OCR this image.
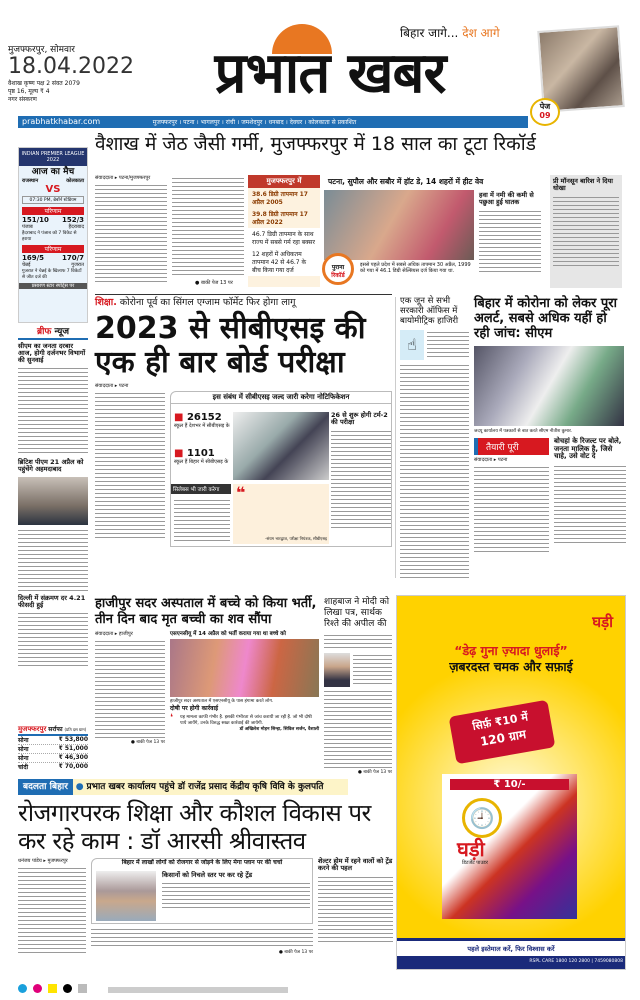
मुजफ्फरपुर, सोमवार
18.04.2022
वैशाख कृष्ण पक्ष 2 संवत 2079
पृष्ठ 16, मूल्य ₹ 4
नगर संस्करण	प्रभात खबर
बिहार जागे... देश आगे
पेज
09
prabhatkhabar.com	मुजफ्फरपुर । पटना । भागलपुर । रांची । जमशेदपुर । धनबाद । देवघर । कोलकाता से प्रकाशित
वैशाख में जेठ जैसी गर्मी, मुजफ्फरपुर में 18 साल का टूटा रिकॉर्ड
संवाददाता ▸ पटना/मुजफ्फरपुर
● बाकी पेज 13 पर
मुजफ्फरपुर में
38.6 डिग्री तापमान 17 अप्रैल 2005
39.8 डिग्री तापमान 17 अप्रैल 2022
46.7 डिग्री तापमान के साथ राज्य में सबसे गर्म रहा बक्सर
12 शहरों में अधिकतम तापमान 42 से 46.7 के बीच किया गया दर्ज
पटना, सुपौल और सबौर में हॉट डे, 14 शहरों में हीट वेव
पुराना
रिकॉर्ड
इससे पहले प्रदेश में सबसे अधिक तापमान 30 अप्रैल, 1999 को गया में 46.1 डिग्री सेल्सियस दर्ज किया गया था.
हवा में नमी की कमी से पछुआ हुई घातक
प्री मॉनसून बारिश ने दिया धोखा
INDIAN PREMIER LEAGUE 2022
आज का मैच
राजस्थान	कोलकाता
VS
07:30 PM, ब्रेबॉर्न स्टेडियम
परिणाम
151/10 152/3
पंजाब	हैदराबाद
हैदराबाद ने पंजाब को 7 विकेट से हराया
परिणाम
169/5	170/7
चेन्नई	गुजरात
गुजरात ने चेन्नई के खिलाफ 7 विकेटों से जीत दर्ज की
प्रसारण स्टार स्पोर्ट्स पर
ब्रीफ न्यूज
सीएम का जनता दरबार आज, होगी दर्जनभर विभागों की सुनवाई
ब्रिटिश पीएम 21 अप्रैल को पहुंचेंगे अहमदाबाद
दिल्ली में संक्रमण दर 4.21 फीसदी हुई
मुजफ्फरपुर सर्राफा (प्रति दस ग्राम)
सोना	₹ 53,800
सोना	₹ 51,000
सोना	₹ 46,300
चांदी	₹ 70,000
शिक्षा. कोरोना पूर्व का सिंगल एग्जाम फॉर्मेट फिर होगा लागू
2023 से सीबीएसइ की एक ही बार बोर्ड परीक्षा
संवाददाता ▸ पटना
इस संबंध में सीबीएसइ जल्द जारी करेगा नोटिफिकेशन
■ 26152
स्कूल हैं देशभर में सीबीएसइ के
■ 1101
स्कूल हैं बिहार में सीबीएसइ के
26 से शुरू होगी टर्म-2 की परीक्षा
सिलेबस भी जारी करेगा	❝
-संयम भारद्वाज, परीक्षा नियंत्रक, सीबीएसइ
एक जून से सभी सरकारी ऑफिस में बायोमीट्रिक हाजिरी
☝
बिहार में कोरोना को लेकर पूरा अलर्ट, सबसे अधिक यहीं हो रही जांच: सीएम
जदयू कार्यालय में पत्रकारों से बात करते सीएम नीतीश कुमार.
तैयारी पूरी
संवाददाता ▸ पटना
बोचहां के रिजल्ट पर बोले, जनता मालिक है, जिसे चाहे, उसे वोट दे
हाजीपुर सदर अस्पताल में बच्चे को किया भर्ती, तीन दिन बाद मृत बच्ची का शव सौंपा
संवाददाता ▸ हाजीपुर
● बाकी पेज 13 पर
एसएनसीयू में 14 अप्रैल को भर्ती कराया गया था बच्चे को
हाजीपुर सदर अस्पताल में एसएनसीयू के पास हंगामा करते लोग.
दोषी पर होगी कार्रवाई
❛ यह मामला काफी गंभीर है. इसकी गंभीरता से जांच करायी जा रही है. जो भी दोषी पाये जायेंगे, उनके विरुद्ध सख्त कार्रवाई की जायेगी.
डॉ अखिलेश मोहन सिन्हा, सिविल सर्जन, वैशाली
शाहबाज ने मोदी को लिखा पत्र, सार्थक रिश्ते की अपील की
● बाकी पेज 13 पर
घड़ी
“डेढ़ गुना ज़्यादा धुलाई”
ज़बरदस्त चमक और सफ़ाई
सिर्फ़ ₹10 में
120 ग्राम
₹ 10/-
🕘
घड़ी
डिटर्जेंट पाउडर
पहले इस्तेमाल करें, फिर विश्वास करें
RSPL CARE 1800 120 2800 | 7459080808
बदलता बिहार ● प्रभात खबर कार्यालय पहुंचे डॉ राजेंद्र प्रसाद केंद्रीय कृषि विवि के कुलपति
रोजगारपरक शिक्षा और कौशल विकास पर कर रहे काम : डॉ आरसी श्रीवास्तव
धनंजय पांडेय ▸ मुजफ्फरपुर	बिहार में लाखों लोगों को रोजगार से जोड़ने के लिए मेगा प्लान पर की चर्चा
किसानों को निचले स्तर पर कर रहे ट्रेंड
● बाकी पेज 13 पर
शेल्टर होम में रहने वालों को ट्रेंड करने की पहल
